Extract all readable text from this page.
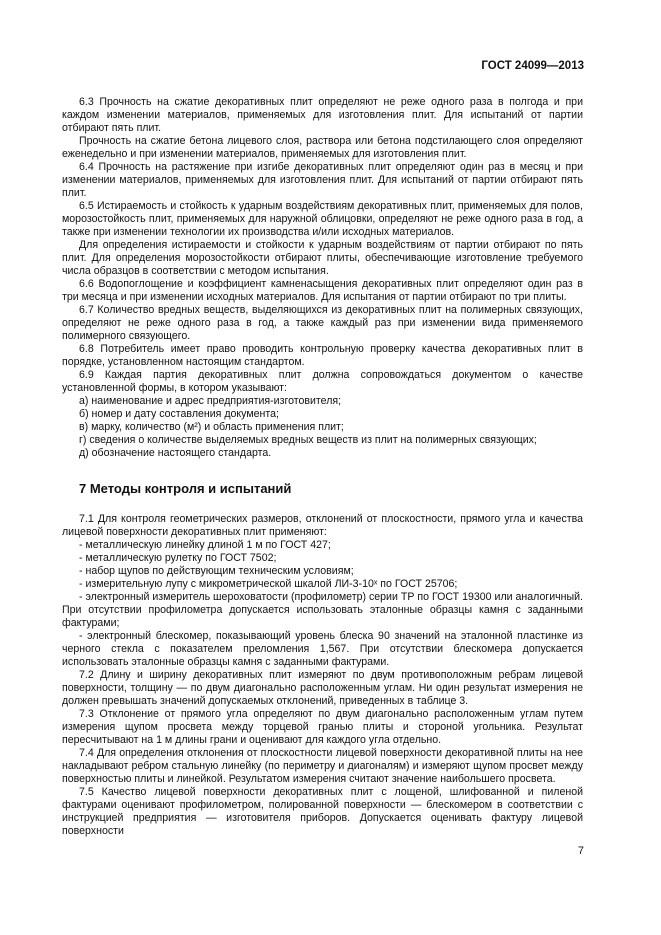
ГОСТ 24099—2013

6.3 Прочность на сжатие декоративных плит определяют не реже одного раза в полгода и при каждом изменении материалов, применяемых для изготовления плит. Для испытаний от партии отбирают пять плит.

Прочность на сжатие бетона лицевого слоя, раствора или бетона подстилающего слоя определяют еженедельно и при изменении материалов, применяемых для изготовления плит.

6.4 Прочность на растяжение при изгибе декоративных плит определяют один раз в месяц и при изменении материалов, применяемых для изготовления плит. Для испытаний от партии отбирают пять плит.

6.5 Истираемость и стойкость к ударным воздействиям декоративных плит, применяемых для полов, морозостойкость плит, применяемых для наружной облицовки, определяют не реже одного раза в год, а также при изменении технологии их производства и/или исходных материалов.

Для определения истираемости и стойкости к ударным воздействиям от партии отбирают по пять плит. Для определения морозостойкости отбирают плиты, обеспечивающие изготовление требуемого числа образцов в соответствии с методом испытания.

6.6 Водопоглощение и коэффициент камненасыщения декоративных плит определяют один раз в три месяца и при изменении исходных материалов. Для испытания от партии отбирают по три плиты.

6.7 Количество вредных веществ, выделяющихся из декоративных плит на полимерных связующих, определяют не реже одного раза в год, а также каждый раз при изменении вида применяемого полимерного связующего.

6.8 Потребитель имеет право проводить контрольную проверку качества декоративных плит в порядке, установленном настоящим стандартом.

6.9 Каждая партия декоративных плит должна сопровождаться документом о качестве установленной формы, в котором указывают:

а) наименование и адрес предприятия-изготовителя;

б) номер и дату составления документа;

в) марку, количество (м²) и область применения плит;

г) сведения о количестве выделяемых вредных веществ из плит на полимерных связующих;

д) обозначение настоящего стандарта.

7 Методы контроля и испытаний

7.1 Для контроля геометрических размеров, отклонений от плоскостности, прямого угла и качества лицевой поверхности декоративных плит применяют:

- металлическую линейку длиной 1 м по ГОСТ 427;

- металлическую рулетку по ГОСТ 7502;

- набор щупов по действующим техническим условиям;

- измерительную лупу с микрометрической шкалой ЛИ-3-10ˣ по ГОСТ 25706;

- электронный измеритель шероховатости (профилометр) серии ТР по ГОСТ 19300 или аналогичный. При отсутствии профилометра допускается использовать эталонные образцы камня с заданными фактурами;

- электронный блескомер, показывающий уровень блеска 90 значений на эталонной пластинке из черного стекла с показателем преломления 1,567. При отсутствии блескомера допускается использовать эталонные образцы камня с заданными фактурами.

7.2 Длину и ширину декоративных плит измеряют по двум противоположным ребрам лицевой поверхности, толщину — по двум диагонально расположенным углам. Ни один результат измерения не должен превышать значений допускаемых отклонений, приведенных в таблице 3.

7.3 Отклонение от прямого угла определяют по двум диагонально расположенным углам путем измерения щупом просвета между торцевой гранью плиты и стороной угольника. Результат пересчитывают на 1 м длины грани и оценивают для каждого угла отдельно.

7.4 Для определения отклонения от плоскостности лицевой поверхности декоративной плиты на нее накладывают ребром стальную линейку (по периметру и диагоналям) и измеряют щупом просвет между поверхностью плиты и линейкой. Результатом измерения считают значение наибольшего просвета.

7.5 Качество лицевой поверхности декоративных плит с лощеной, шлифованной и пиленой фактурами оценивают профилометром, полированной поверхности — блескомером в соответствии с инструкцией предприятия — изготовителя приборов. Допускается оценивать фактуру лицевой поверхности

7
